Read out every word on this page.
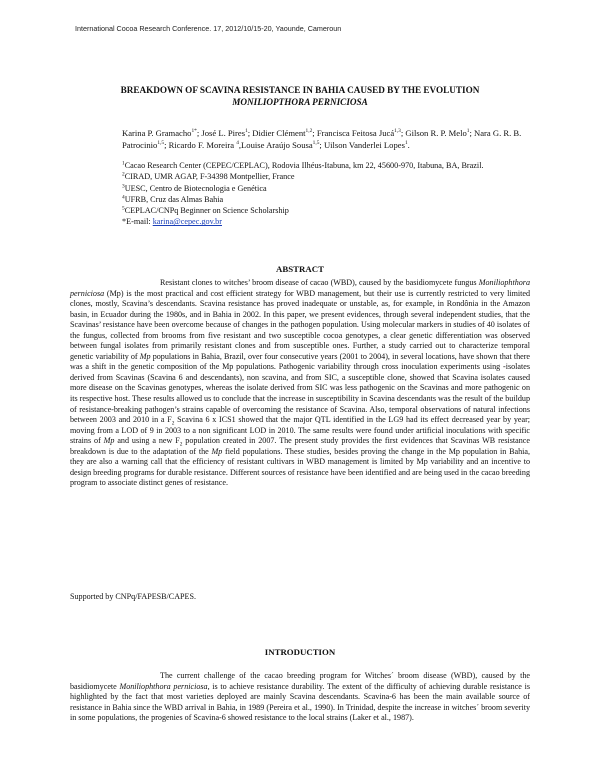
International Cocoa Research Conference. 17, 2012/10/15-20, Yaounde, Cameroun
BREAKDOWN OF SCAVINA RESISTANCE IN BAHIA CAUSED BY THE EVOLUTION
MONILIOPTHORA PERNICIOSA
Karina P. Gramacho$^{1*}$; José L. Pires$^1$; Didier Clément$^{1,2}$; Francisca Feitosa Jucá$^{1,3}$; Gilson R. P. Melo$^1$; Nara G. R. B. Patrocinio$^{1,5}$; Ricardo F. Moreira $^4$,Louise Araújo Sousa$^{1,5}$; Uilson Vanderlei Lopes$^1$.
$^1$Cacao Research Center (CEPEC/CEPLAC), Rodovia Ilhéus-Itabuna, km 22, 45600-970, Itabuna, BA, Brazil.
$^2$CIRAD, UMR AGAP, F-34398 Montpellier, France
$^3$UESC, Centro de Biotecnologia e Genética
$^4$UFRB, Cruz das Almas Bahia
$^5$CEPLAC/CNPq Beginner on Science Scholarship
*E-mail: karina@cepec.gov.br
ABSTRACT

Resistant clones to witches’ broom disease of cacao (WBD), caused by the basidiomycete fungus Moniliophthora perniciosa (Mp) is the most practical and cost efficient strategy for WBD management, but their use is currently restricted to very limited clones, mostly, Scavina’s descendants. Scavina resistance has proved inadequate or unstable, as, for example, in Rondônia in the Amazon basin, in Ecuador during the 1980s, and in Bahia in 2002. In this paper, we present evidences, through several independent studies, that the Scavinas’ resistance have been overcome because of changes in the pathogen population. Using molecular markers in studies of 40 isolates of the fungus, collected from brooms from five resistant and two susceptible cocoa genotypes, a clear genetic differentiation was observed between fungal isolates from primarily resistant clones and from susceptible ones. Further, a study carried out to characterize temporal genetic variability of Mp populations in Bahia, Brazil, over four consecutive years (2001 to 2004), in several locations, have shown that there was a shift in the genetic composition of the Mp populations. Pathogenic variability through cross inoculation experiments using -isolates derived from Scavinas (Scavina 6 and descendants), non scavina, and from SIC, a susceptible clone, showed that Scavina isolates caused more disease on the Scavinas genotypes, whereas the isolate derived from SIC was less pathogenic on the Scavinas and more pathogenic on its respective host. These results allowed us to conclude that the increase in susceptibility in Scavina descendants was the result of the buildup of resistance-breaking pathogen’s strains capable of overcoming the resistance of Scavina. Also, temporal observations of natural infections between 2003 and 2010 in a $F_2$ Scavina 6 x ICS1 showed that the major QTL identified in the LG9 had its effect decreased year by year; moving from a LOD of 9 in 2003 to a non significant LOD in 2010. The same results were found under artificial inoculations with specific strains of Mp and using a new $F_2$ population created in 2007. The present study provides the first evidences that Scavinas WB resistance breakdown is due to the adaptation of the Mp field populations. These studies, besides proving the change in the Mp population in Bahia, they are also a warning call that the efficiency of resistant cultivars in WBD management is limited by Mp variability and an incentive to design breeding programs for durable resistance. Different sources of resistance have been identified and are being used in the cacao breeding program to associate distinct genes of resistance.

Supported by CNPq/FAPESB/CAPES.
INTRODUCTION

The current challenge of the cacao breeding program for Witches´ broom disease (WBD), caused by the basidiomycete Moniliophthora perniciosa, is to achieve resistance durability. The extent of the difficulty of achieving durable resistance is highlighted by the fact that most varieties deployed are mainly Scavina descendants. Scavina-6 has been the main available source of resistance in Bahia since the WBD arrival in Bahia, in 1989 (Pereira et al., 1990). In Trinidad, despite the increase in witches´ broom severity in some populations, the progenies of Scavina-6 showed resistance to the local strains (Laker et al., 1987).
